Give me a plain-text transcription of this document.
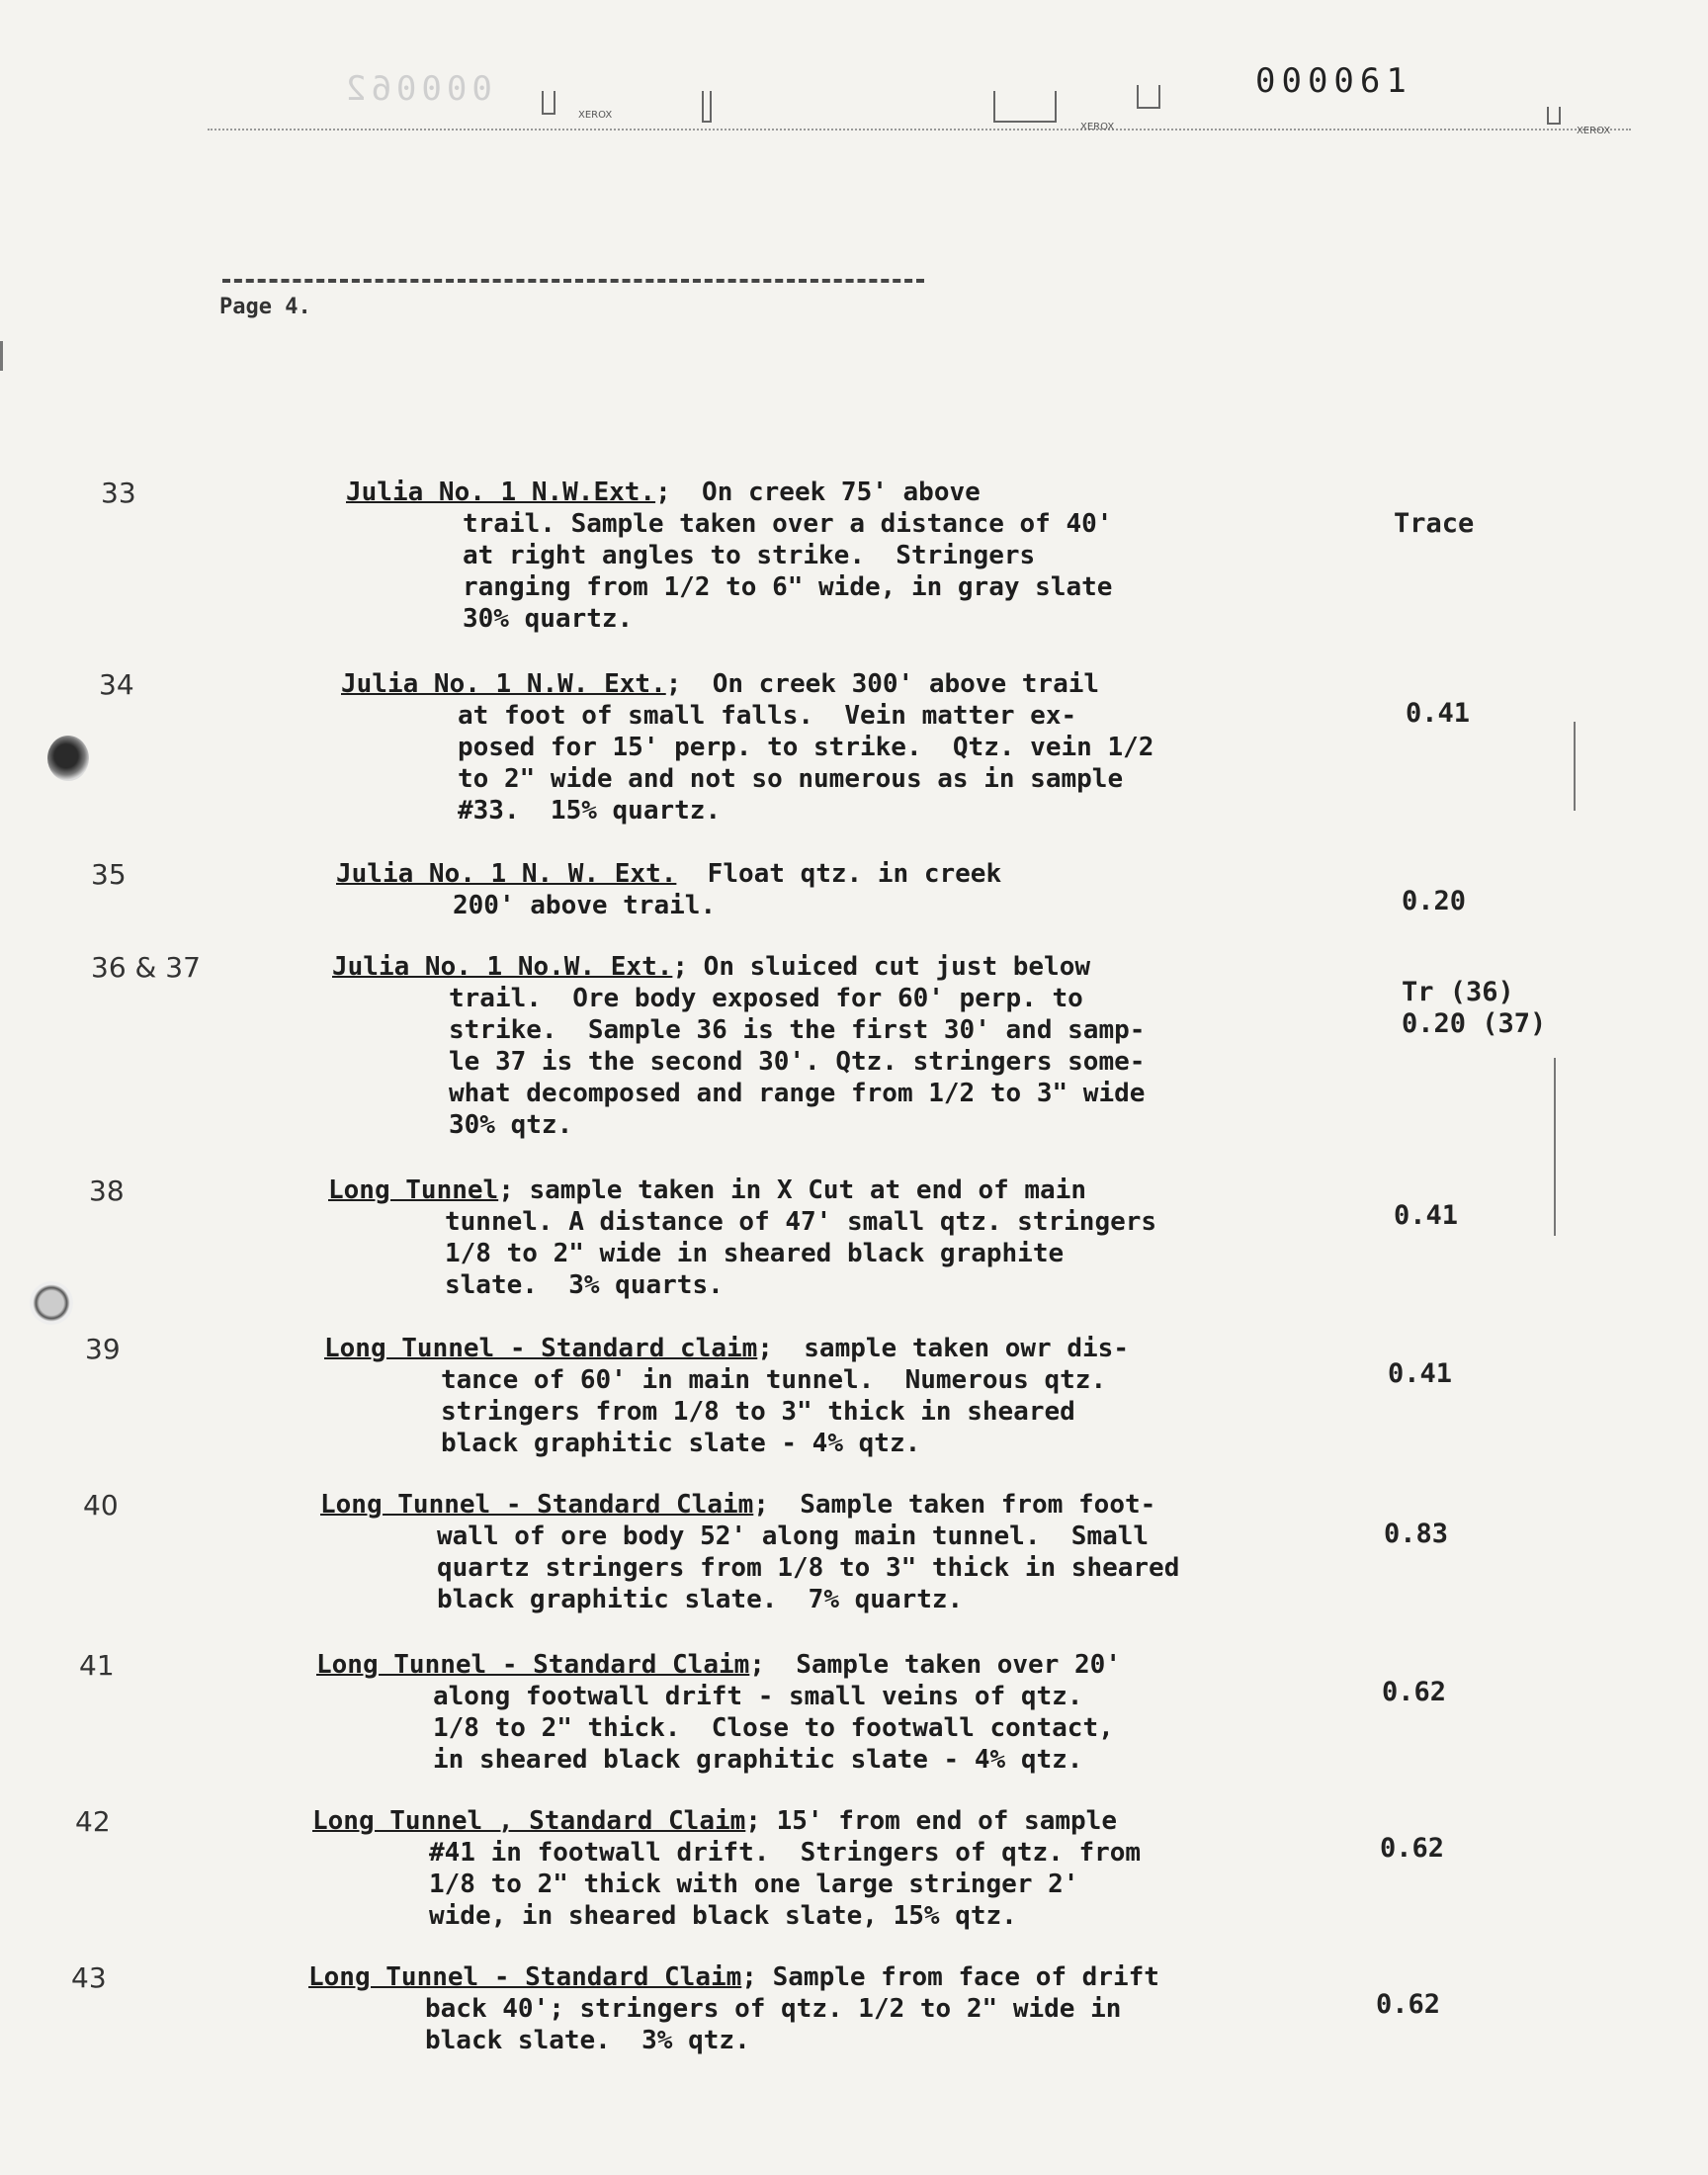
000062	000061
XEROX
XEROX	XEROX
Page 4.
33	Julia No. 1 N.W.Ext.;  On creek 75' above
trail. Sample taken over a distance of 40'
at right angles to strike.  Stringers
ranging from 1/2 to 6" wide, in gray slate
30% quartz.
Trace
34	Julia No. 1 N.W. Ext.;  On creek 300' above trail
at foot of small falls.  Vein matter ex-
posed for 15' perp. to strike.  Qtz. vein 1/2
to 2" wide and not so numerous as in sample
#33.  15% quartz.
0.41
35	Julia No. 1 N. W. Ext.  Float qtz. in creek
200' above trail.	0.20
36 & 37	Julia No. 1 No.W. Ext.; On sluiced cut just below
trail.  Ore body exposed for 60' perp. to
strike.  Sample 36 is the first 30' and samp-
le 37 is the second 30'. Qtz. stringers some-
what decomposed and range from 1/2 to 3" wide
30% qtz.
Tr (36)
0.20 (37)
38	Long Tunnel; sample taken in X Cut at end of main
tunnel. A distance of 47' small qtz. stringers
1/8 to 2" wide in sheared black graphite
slate.  3% quarts.
0.41
39	Long Tunnel - Standard claim;  sample taken owr dis-
tance of 60' in main tunnel.  Numerous qtz.
stringers from 1/8 to 3" thick in sheared
black graphitic slate - 4% qtz.
0.41
40	Long Tunnel - Standard Claim;  Sample taken from foot-
wall of ore body 52' along main tunnel.  Small
quartz stringers from 1/8 to 3" thick in sheared
black graphitic slate.  7% quartz.
0.83
41	Long Tunnel - Standard Claim;  Sample taken over 20'
along footwall drift - small veins of qtz.
1/8 to 2" thick.  Close to footwall contact,
in sheared black graphitic slate - 4% qtz.
0.62
42	Long Tunnel , Standard Claim; 15' from end of sample
#41 in footwall drift.  Stringers of qtz. from
1/8 to 2" thick with one large stringer 2'
wide, in sheared black slate, 15% qtz.
0.62
43	Long Tunnel - Standard Claim; Sample from face of drift
back 40'; stringers of qtz. 1/2 to 2" wide in
black slate.  3% qtz.
0.62
